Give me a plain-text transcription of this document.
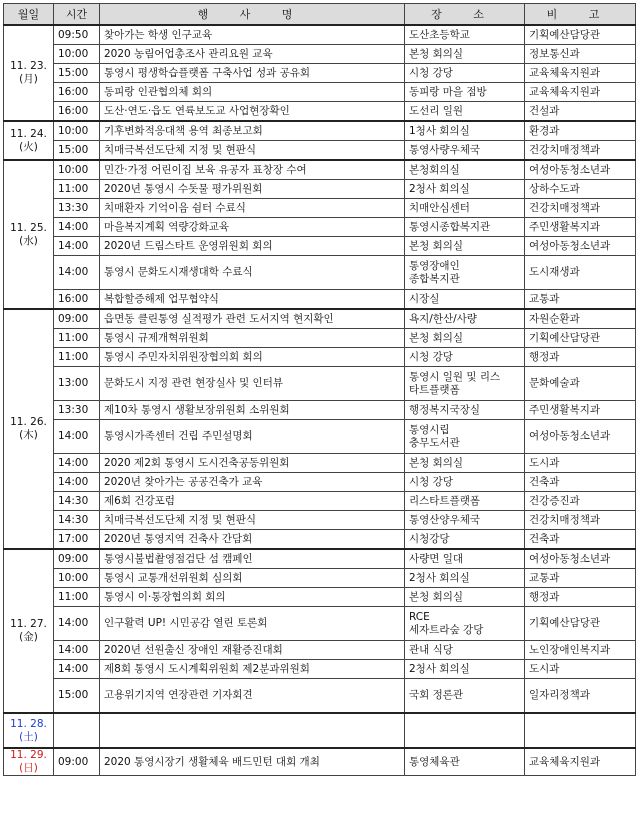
월일	시간	행 사 명	장 소	비 고

11. 23.
(月)	09:50	찾아가는 학생 인구교육	도산초등학교	기획예산담당관
	10:00	2020 농림어업총조사 관리요원 교육	본청 회의실	정보통신과
	15:00	통영시 평생학습플랫폼 구축사업 성과 공유회	시청 강당	교육체육지원과
	16:00	동피랑 인관협의체 회의	동피랑 마을 점방	교육체육지원과
	16:00	도산·연도·읍도 연륙보도교 사업현장확인	도선리 일원	건설과

11. 24.
(火)	10:00	기후변화적응대책 용역 최종보고회	1청사 회의실	환경과
	15:00	치매극복선도단체 지정 및 현판식	통영사량우체국	건강치매정책과

11. 25.
(水)	10:00	민간·가정 어린이집 보육 유공자 표창장 수여	본청회의실	여성아동청소년과
	11:00	2020년 통영시 수돗물 평가위원회	2청사 회의실	상하수도과
	13:30	치매환자 기억이음 쉼터 수료식	치매안심센터	건강치매정책과
	14:00	마을복지계획 역량강화교육	통영시종합복지관	주민생활복지과
	14:00	2020년 드림스타트 운영위원회 회의	본청 회의실	여성아동청소년과
	14:00	통영시 문화도시재생대학 수료식	통영장애인
종합복지관	도시재생과
	16:00	복합할증해제 업무협약식	시장실	교통과

11. 26.
(木)	09:00	읍면동 클린통영 실적평가 관련 도서지역 현지확인	욕지/한산/사량	자원순환과
	11:00	통영시 규제개혁위원회	본청 회의실	기획예산담당관
	11:00	통영시 주민자치위원장협의회 회의	시청 강당	행정과
	13:00	문화도시 지정 관련 현장실사 및 인터뷰	통영시 일원 및 리스
타트플랫폼	문화예술과
	13:30	제10차 통영시 생활보장위원회 소위원회	행정복지국장실	주민생활복지과
	14:00	통영시가족센터 건립 주민설명회	통영시립
충무도서관	여성아동청소년과
	14:00	2020 제2회 통영시 도시건축공동위원회	본청 회의실	도시과
	14:00	2020년 찾아가는 공공건축가 교육	시청 강당	건축과
	14:30	제6회 건강포럼	리스타트플랫폼	건강증진과
	14:30	치매극복선도단체 지정 및 현판식	통영산양우체국	건강치매정책과
	17:00	2020년 통영지역 건축사 간담회	시청강당	건축과

11. 27.
(金)	09:00	통영시불법촬영점검단 섬 캠페인	사량면 일대	여성아동청소년과
	10:00	통영시 교통개선위원회 심의회	2청사 회의실	교통과
	11:00	통영시 이·통장협의회 회의	본청 회의실	행정과
	14:00	인구활력 UP! 시민공감 열린 토론회	RCE
세자트라숲 강당	기획예산담당관
	14:00	2020년 선원출신 장애인 재활증진대회	관내 식당	노인장애인복지과
	14:00	제8회 통영시 도시계획위원회 제2분과위원회	2청사 회의실	도시과
	15:00	고용위기지역 연장관련 기자회견	국회 정론관	일자리정책과

11. 28.
(土)				

11. 29.
(日)	09:00	2020 통영시장기 생활체육 배드민턴 대회 개최	통영체육관	교육체육지원과
